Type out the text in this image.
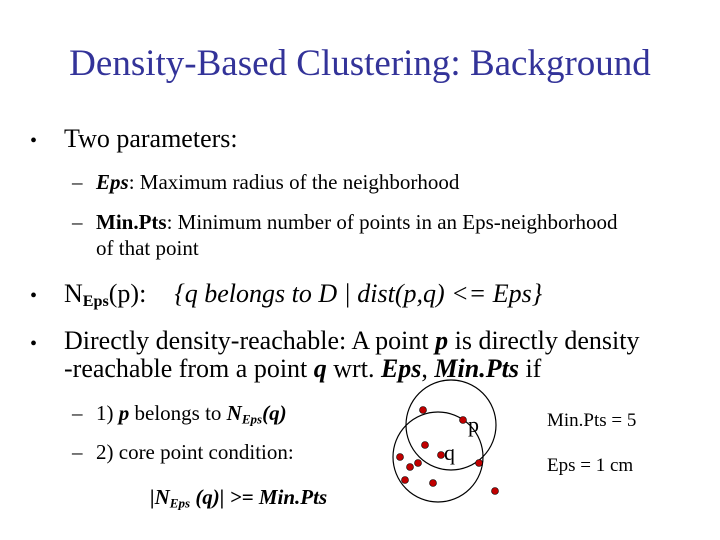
Density-Based Clustering: Background
• Two parameters:
– Eps: Maximum radius of the neighborhood
– Min.Pts: Minimum number of points in an Eps-neighborhood
of that point
• $N_{Eps}(p)$: {q belongs to D | dist(p,q) <= Eps}
• Directly density-reachable: A point p is directly density
-reachable from a point q wrt. Eps, Min.Pts if
– 1) p belongs to $N_{Eps}(q)$
– 2) core point condition:
$|N_{Eps}$ (q)| >= Min.Pts
p
q
Min.Pts = 5
Eps = 1 cm
